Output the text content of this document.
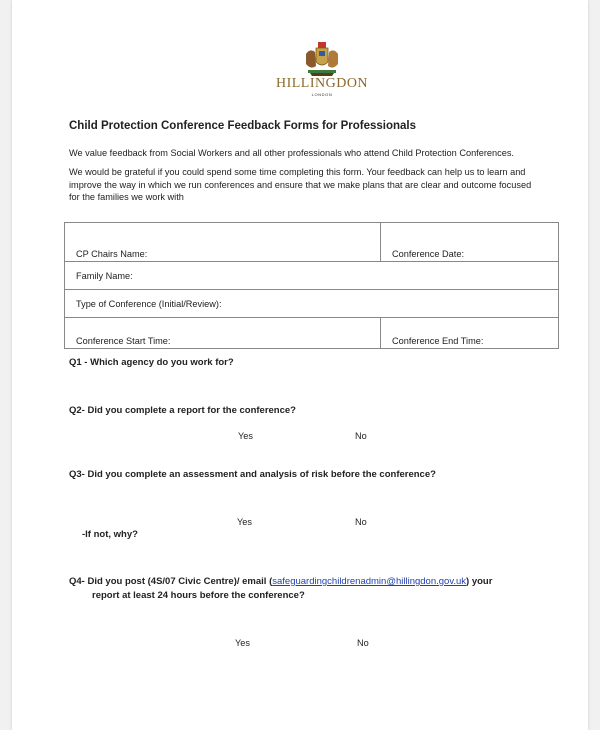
HILLINGDON
LONDON
Child Protection Conference Feedback Forms for Professionals
We value feedback from Social Workers and all other professionals who attend Child Protection Conferences.
We would be grateful if you could spend some time completing this form. Your feedback can help us to learn and improve the way in which we run conferences and ensure that we make plans that are clear and outcome focused for the families we work with
CP Chairs Name:	Conference Date:
Family Name:	
Type of Conference (Initial/Review):	
Conference Start Time:	Conference End Time:
Q1 - Which agency do you work for?
Q2- Did you complete a report for the conference?
Yes	No
Q3- Did you complete an assessment and analysis of risk before the conference?
Yes	No
-If not, why?
Q4- Did you post (4S/07 Civic Centre)/ email (safeguardingchildrenadmin@hillingdon.gov.uk) your
report at least 24 hours before the conference?
Yes	No
